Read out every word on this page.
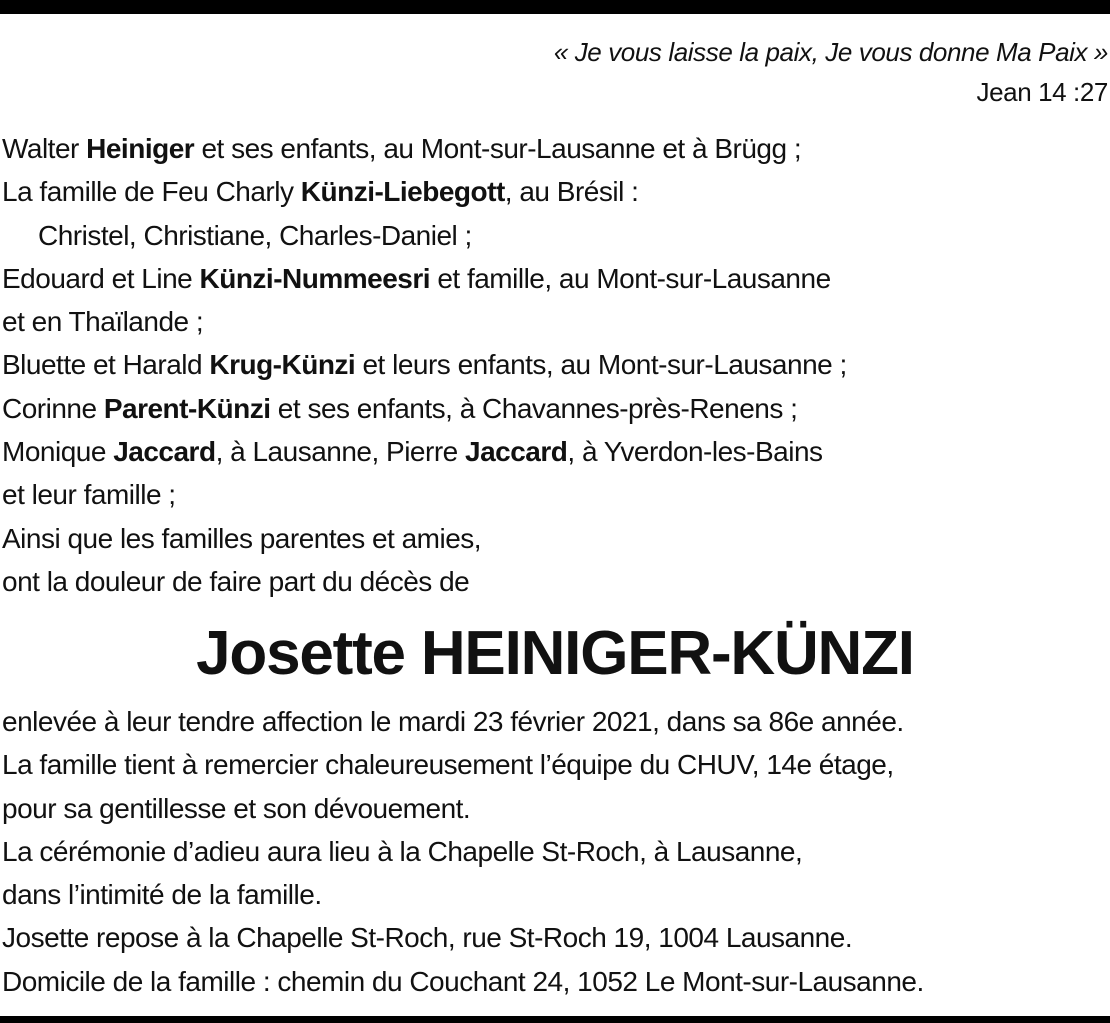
« Je vous laisse la paix, Je vous donne Ma Paix »
Jean 14 :27
Walter Heiniger et ses enfants, au Mont-sur-Lausanne et à Brügg ;
La famille de Feu Charly Künzi-Liebegott, au Brésil :
Christel, Christiane, Charles-Daniel ;
Edouard et Line Künzi-Nummeesri et famille, au Mont-sur-Lausanne
et en Thaïlande ;
Bluette et Harald Krug-Künzi et leurs enfants, au Mont-sur-Lausanne ;
Corinne Parent-Künzi et ses enfants, à Chavannes-près-Renens ;
Monique Jaccard, à Lausanne, Pierre Jaccard, à Yverdon-les-Bains
et leur famille ;
Ainsi que les familles parentes et amies,
ont la douleur de faire part du décès de
Josette HEINIGER-KÜNZI
enlevée à leur tendre affection le mardi 23 février 2021, dans sa 86e année.
La famille tient à remercier chaleureusement l’équipe du CHUV, 14e étage,
pour sa gentillesse et son dévouement.
La cérémonie d’adieu aura lieu à la Chapelle St-Roch, à Lausanne,
dans l’intimité de la famille.
Josette repose à la Chapelle St-Roch, rue St-Roch 19, 1004 Lausanne.
Domicile de la famille : chemin du Couchant 24, 1052 Le Mont-sur-Lausanne.
